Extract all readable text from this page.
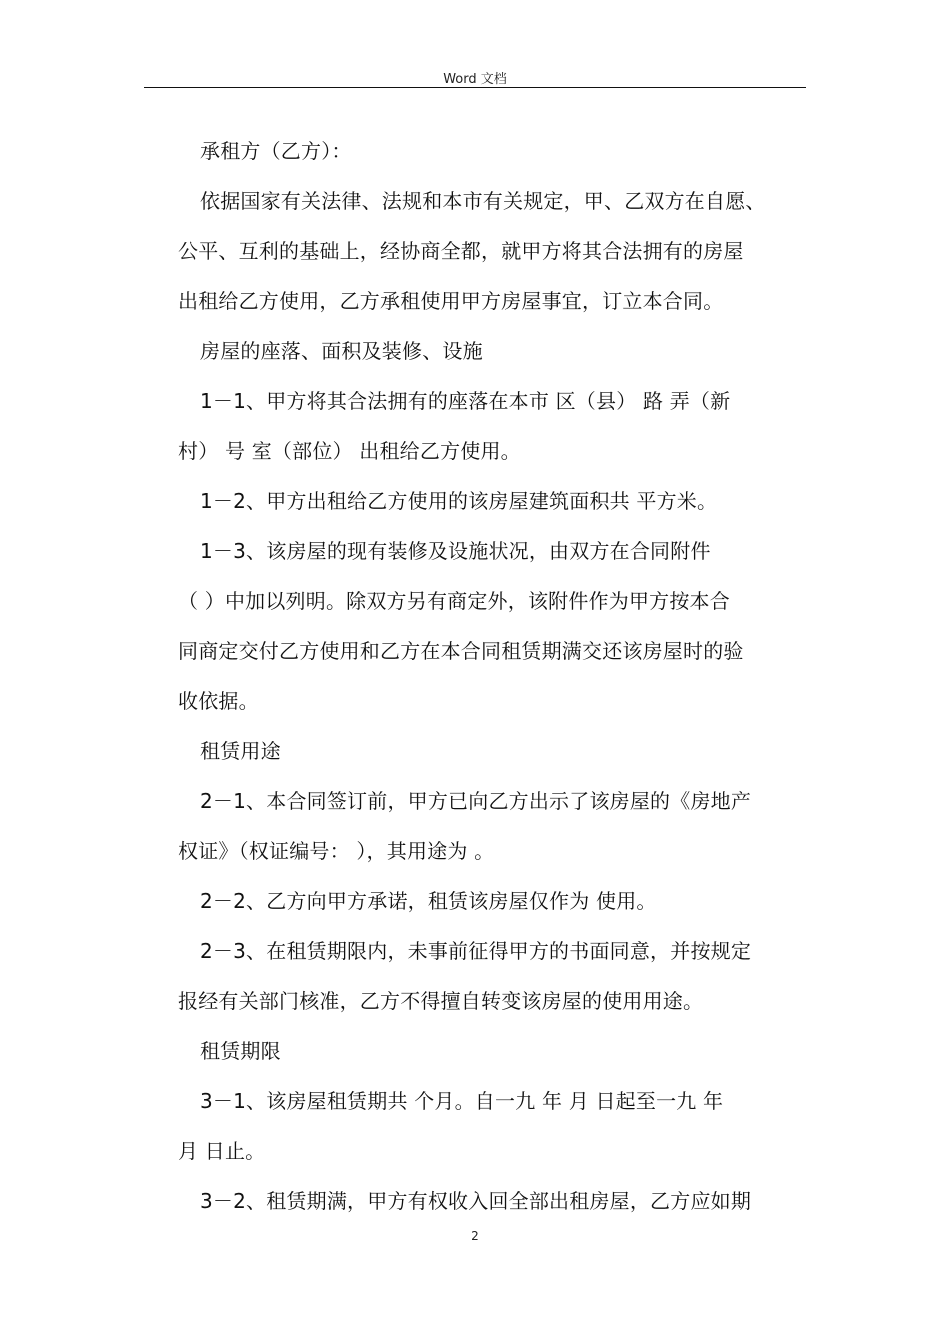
Word 文档

承租方（乙方）：

依据国家有关法律、法规和本市有关规定，甲、乙双方在自愿、

公平、互利的基础上，经协商全都，就甲方将其合法拥有的房屋

出租给乙方使用，乙方承租使用甲方房屋事宜，订立本合同。

房屋的座落、面积及装修、设施

1－1、甲方将其合法拥有的座落在本市 区（县） 路 弄（新

村） 号 室（部位） 出租给乙方使用。

1－2、甲方出租给乙方使用的该房屋建筑面积共 平方米。

1－3、该房屋的现有装修及设施状况，由双方在合同附件

（ ）中加以列明。除双方另有商定外，该附件作为甲方按本合

同商定交付乙方使用和乙方在本合同租赁期满交还该房屋时的验

收依据。

租赁用途

2－1、本合同签订前，甲方已向乙方出示了该房屋的《房地产

权证》（权证编号： ），其用途为 。

2－2、乙方向甲方承诺，租赁该房屋仅作为 使用。

2－3、在租赁期限内，未事前征得甲方的书面同意，并按规定

报经有关部门核准，乙方不得擅自转变该房屋的使用用途。

租赁期限

3－1、该房屋租赁期共 个月。自一九 年 月 日起至一九 年

月 日止。

3－2、租赁期满，甲方有权收入回全部出租房屋，乙方应如期

2
